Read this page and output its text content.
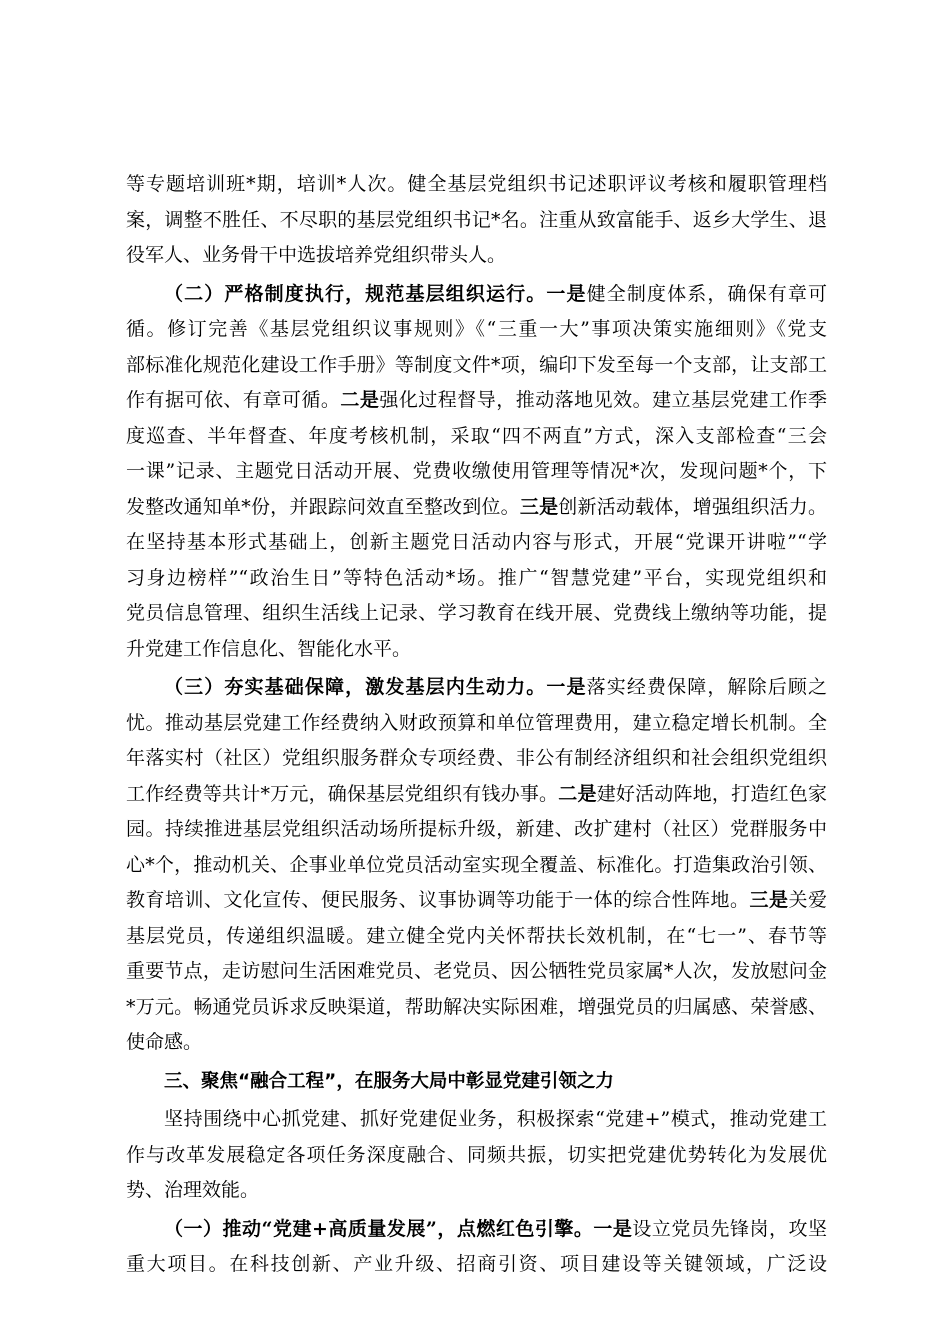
等专题培训班*期，培训*人次。健全基层党组织书记述职评议考核和履职管理档
案，调整不胜任、不尽职的基层党组织书记*名。注重从致富能手、返乡大学生、退
役军人、业务骨干中选拔培养党组织带头人。
（二）严格制度执行，规范基层组织运行。一是健全制度体系，确保有章可
循。修订完善《基层党组织议事规则》《“三重一大”事项决策实施细则》《党支
部标准化规范化建设工作手册》等制度文件*项，编印下发至每一个支部，让支部工
作有据可依、有章可循。二是强化过程督导，推动落地见效。建立基层党建工作季
度巡查、半年督查、年度考核机制，采取“四不两直”方式，深入支部检查“三会
一课”记录、主题党日活动开展、党费收缴使用管理等情况*次，发现问题*个，下
发整改通知单*份，并跟踪问效直至整改到位。三是创新活动载体，增强组织活力。
在坚持基本形式基础上，创新主题党日活动内容与形式，开展“党课开讲啦”“学
习身边榜样”“政治生日”等特色活动*场。推广“智慧党建”平台，实现党组织和
党员信息管理、组织生活线上记录、学习教育在线开展、党费线上缴纳等功能，提
升党建工作信息化、智能化水平。
（三）夯实基础保障，激发基层内生动力。一是落实经费保障，解除后顾之
忧。推动基层党建工作经费纳入财政预算和单位管理费用，建立稳定增长机制。全
年落实村（社区）党组织服务群众专项经费、非公有制经济组织和社会组织党组织
工作经费等共计*万元，确保基层党组织有钱办事。二是建好活动阵地，打造红色家
园。持续推进基层党组织活动场所提标升级，新建、改扩建村（社区）党群服务中
心*个，推动机关、企事业单位党员活动室实现全覆盖、标准化。打造集政治引领、
教育培训、文化宣传、便民服务、议事协调等功能于一体的综合性阵地。三是关爱
基层党员，传递组织温暖。建立健全党内关怀帮扶长效机制，在“七一”、春节等
重要节点，走访慰问生活困难党员、老党员、因公牺牲党员家属*人次，发放慰问金
*万元。畅通党员诉求反映渠道，帮助解决实际困难，增强党员的归属感、荣誉感、
使命感。
三、聚焦“融合工程”，在服务大局中彰显党建引领之力
坚持围绕中心抓党建、抓好党建促业务，积极探索“党建+”模式，推动党建工
作与改革发展稳定各项任务深度融合、同频共振，切实把党建优势转化为发展优
势、治理效能。
（一）推动“党建+高质量发展”，点燃红色引擎。一是设立党员先锋岗，攻坚
重大项目。在科技创新、产业升级、招商引资、项目建设等关键领域，广泛设
